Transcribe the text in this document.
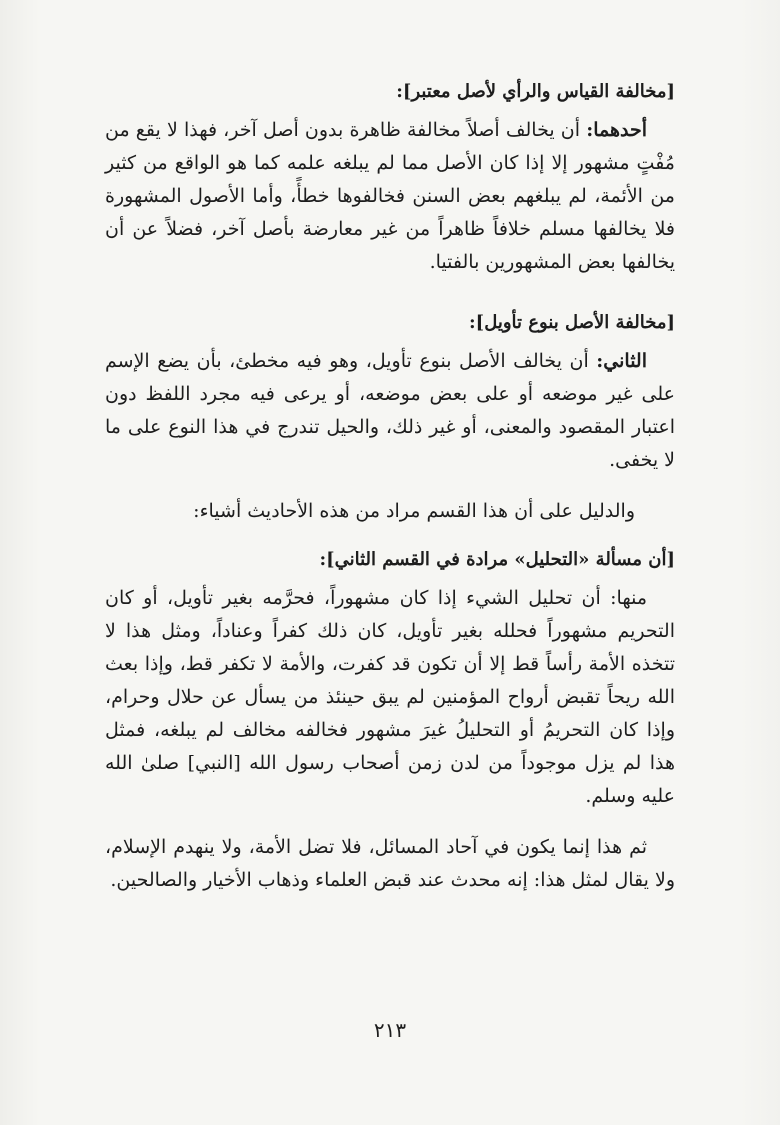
[مخالفة القياس والرأي لأصل معتبر]:

أحدهما: أن يخالف أصلاً مخالفة ظاهرة بدون أصل آخر، فهذا لا يقع من مُفْتٍ مشهور إلا إذا كان الأصل مما لم يبلغه علمه كما هو الواقع من كثير من الأئمة، لم يبلغهم بعض السنن فخالفوها خطأً، وأما الأصول المشهورة فلا يخالفها مسلم خلافاً ظاهراً من غير معارضة بأصل آخر، فضلاً عن أن يخالفها بعض المشهورين بالفتيا.

[مخالفة الأصل بنوع تأويل]:

الثاني: أن يخالف الأصل بنوع تأويل، وهو فيه مخطئ، بأن يضع الإسم على غير موضعه أو على بعض موضعه، أو يرعى فيه مجرد اللفظ دون اعتبار المقصود والمعنى، أو غير ذلك، والحيل تندرج في هذا النوع على ما لا يخفى.

والدليل على أن هذا القسم مراد من هذه الأحاديث أشياء:

[أن مسألة «التحليل» مرادة في القسم الثاني]:

منها: أن تحليل الشيء إذا كان مشهوراً، فحرَّمه بغير تأويل، أو كان التحريم مشهوراً فحلله بغير تأويل، كان ذلك كفراً وعناداً، ومثل هذا لا تتخذه الأمة رأساً قط إلا أن تكون قد كفرت، والأمة لا تكفر قط، وإذا بعث الله ريحاً تقبض أرواح المؤمنين لم يبق حينئذ من يسأل عن حلال وحرام، وإذا كان التحريمُ أو التحليلُ غيرَ مشهور فخالفه مخالف لم يبلغه، فمثل هذا لم يزل موجوداً من لدن زمن أصحاب رسول الله [النبي] صلىٰ الله عليه وسلم.

ثم هذا إنما يكون في آحاد المسائل، فلا تضل الأمة، ولا ينهدم الإسلام، ولا يقال لمثل هذا: إنه محدث عند قبض العلماء وذهاب الأخيار والصالحين.

٢١٣
